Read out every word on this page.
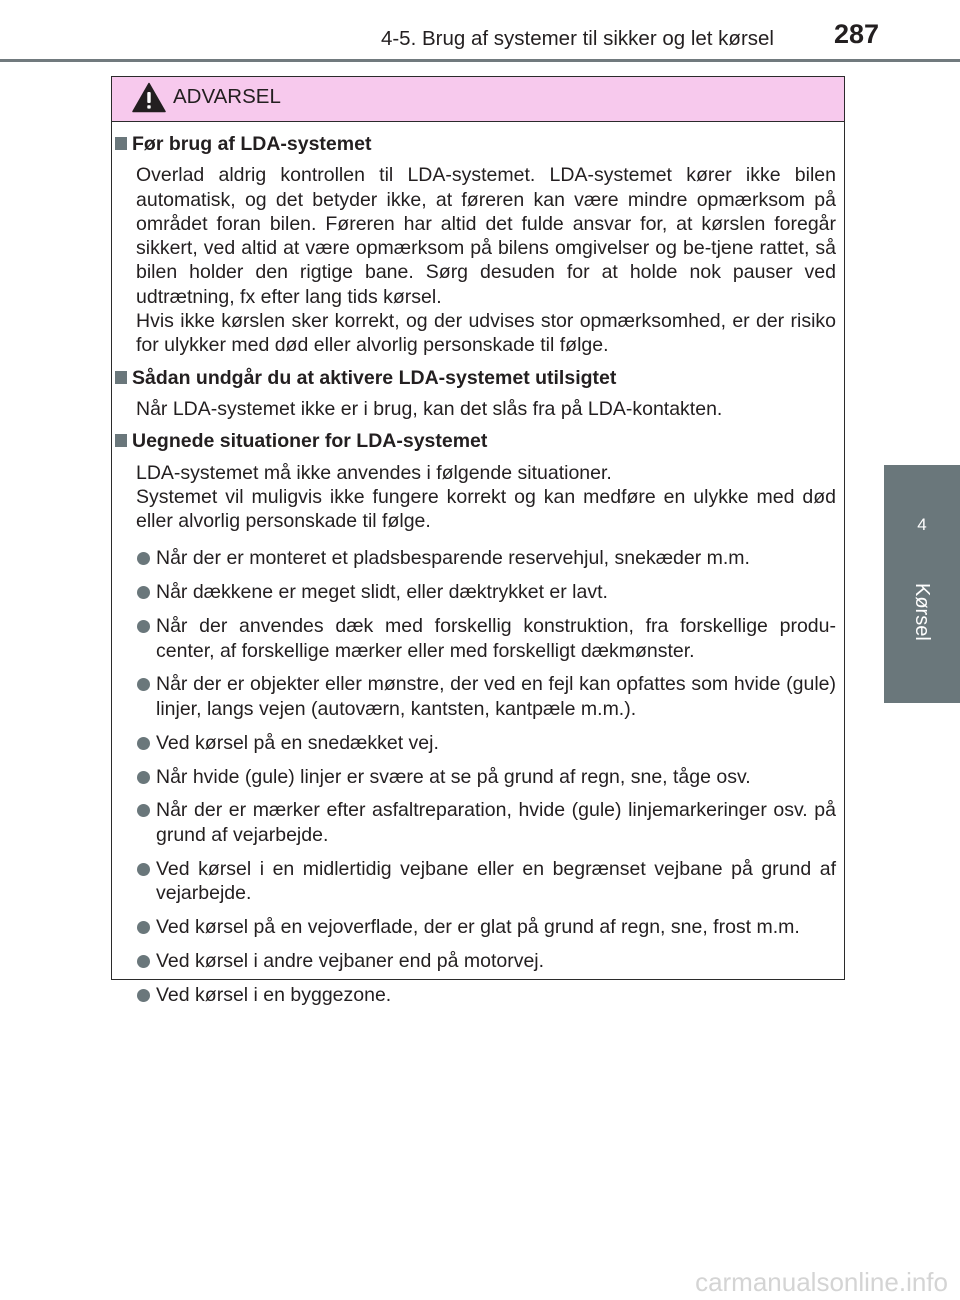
4-5. Brug af systemer til sikker og let kørsel 287
4
Kørsel
ADVARSEL
Før brug af LDA-systemet

Overlad aldrig kontrollen til LDA-systemet. LDA-systemet kører ikke bilen automatisk, og det betyder ikke, at føreren kan være mindre opmærksom på området foran bilen. Føreren har altid det fulde ansvar for, at kørslen foregår sikkert, ved altid at være opmærksom på bilens omgivelser og be-tjene rattet, så bilen holder den rigtige bane. Sørg desuden for at holde nok pauser ved udtrætning, fx efter lang tids kørsel.

Hvis ikke kørslen sker korrekt, og der udvises stor opmærksomhed, er der risiko for ulykker med død eller alvorlig personskade til følge.

Sådan undgår du at aktivere LDA-systemet utilsigtet

Når LDA-systemet ikke er i brug, kan det slås fra på LDA-kontakten.

Uegnede situationer for LDA-systemet

LDA-systemet må ikke anvendes i følgende situationer.

Systemet vil muligvis ikke fungere korrekt og kan medføre en ulykke med død eller alvorlig personskade til følge.

Når der er monteret et pladsbesparende reservehjul, snekæder m.m.
Når dækkene er meget slidt, eller dæktrykket er lavt.
Når der anvendes dæk med forskellig konstruktion, fra forskellige produ-center, af forskellige mærker eller med forskelligt dækmønster.
Når der er objekter eller mønstre, der ved en fejl kan opfattes som hvide (gule) linjer, langs vejen (autoværn, kantsten, kantpæle m.m.).
Ved kørsel på en snedækket vej.
Når hvide (gule) linjer er svære at se på grund af regn, sne, tåge osv.
Når der er mærker efter asfaltreparation, hvide (gule) linjemarkeringer osv. på grund af vejarbejde.
Ved kørsel i en midlertidig vejbane eller en begrænset vejbane på grund af vejarbejde.
Ved kørsel på en vejoverflade, der er glat på grund af regn, sne, frost m.m.
Ved kørsel i andre vejbaner end på motorvej.
Ved kørsel i en byggezone.
carmanualsonline.info
